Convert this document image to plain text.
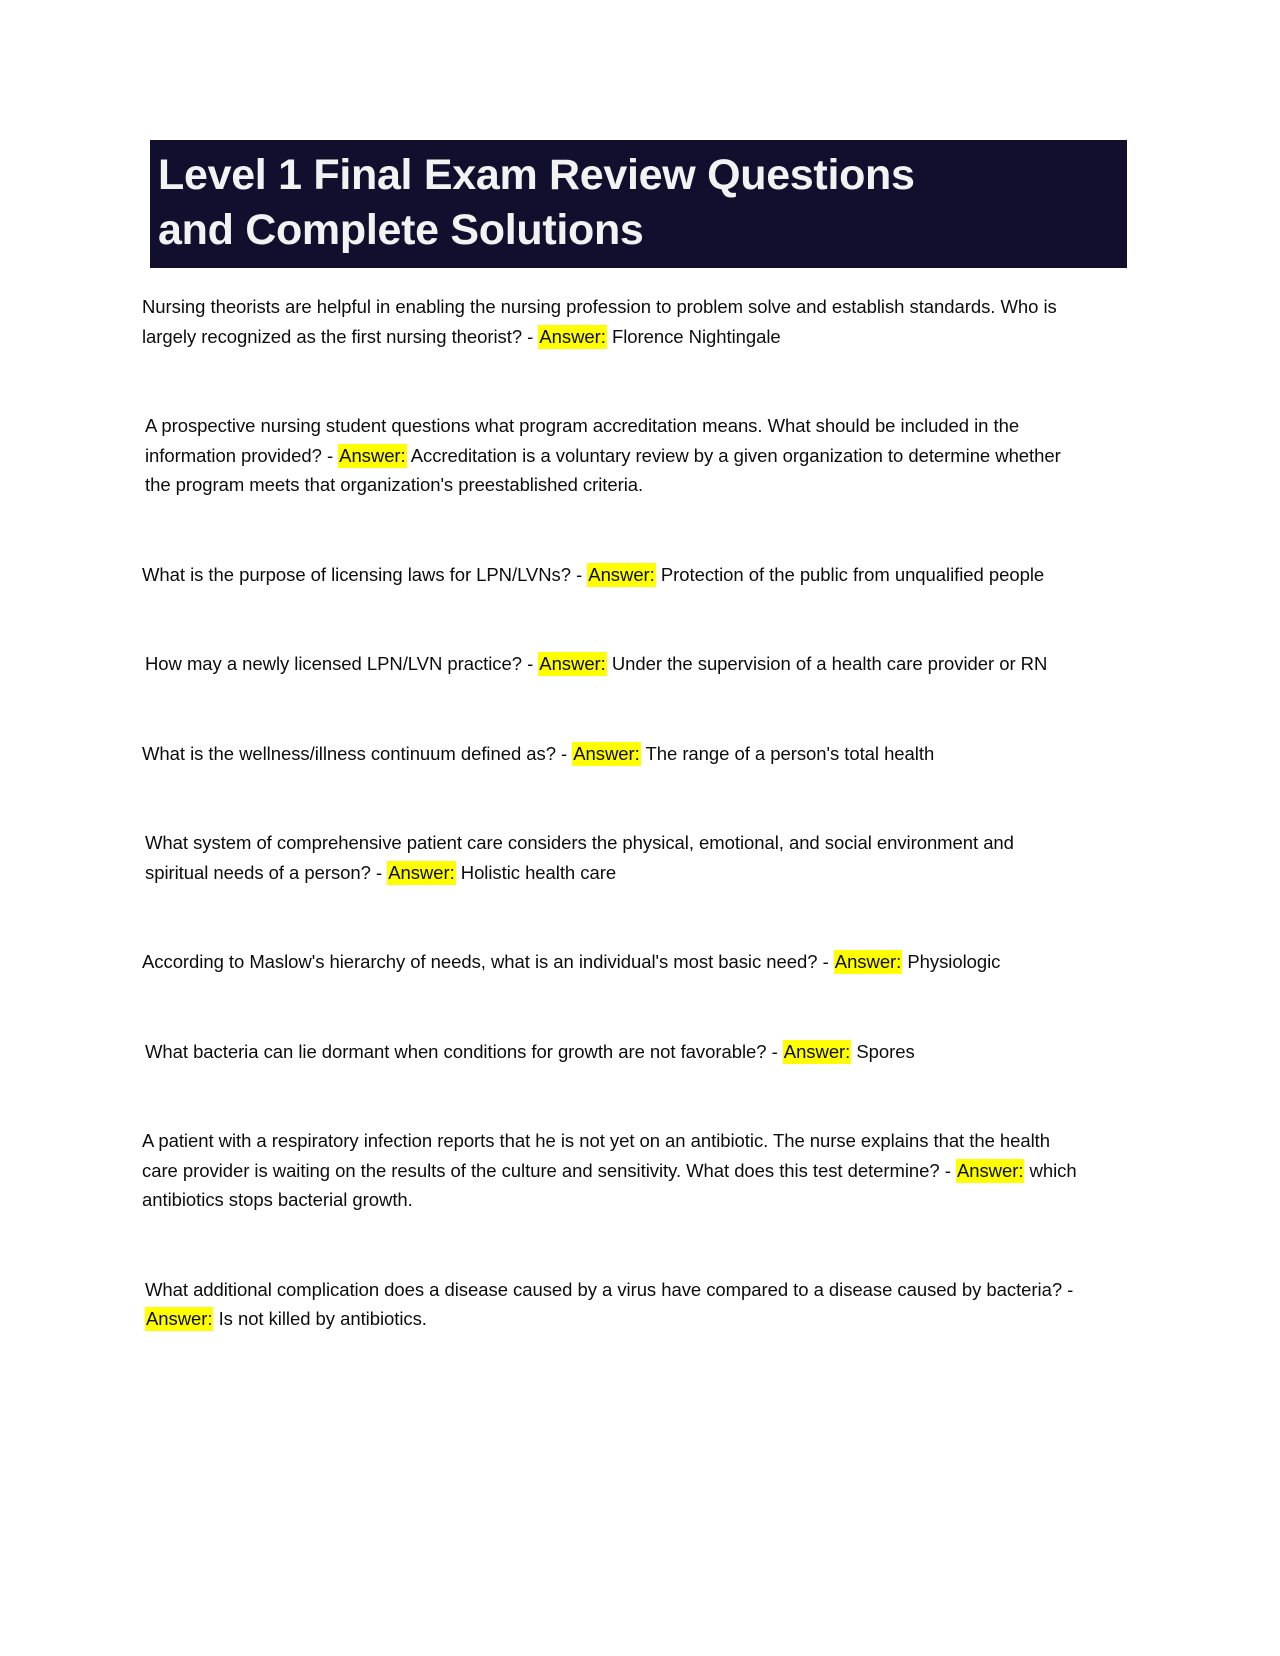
Level 1 Final Exam Review Questions
and Complete Solutions

Nursing theorists are helpful in enabling the nursing profession to problem solve and establish standards. Who is largely recognized as the first nursing theorist? - Answer: Florence Nightingale

A prospective nursing student questions what program accreditation means. What should be included in the information provided? - Answer: Accreditation is a voluntary review by a given organization to determine whether the program meets that organization's preestablished criteria.

What is the purpose of licensing laws for LPN/LVNs? - Answer: Protection of the public from unqualified people

How may a newly licensed LPN/LVN practice? - Answer: Under the supervision of a health care provider or RN

What is the wellness/illness continuum defined as? - Answer: The range of a person's total health

What system of comprehensive patient care considers the physical, emotional, and social environment and spiritual needs of a person? - Answer: Holistic health care

According to Maslow's hierarchy of needs, what is an individual's most basic need? - Answer: Physiologic

What bacteria can lie dormant when conditions for growth are not favorable? - Answer: Spores

A patient with a respiratory infection reports that he is not yet on an antibiotic. The nurse explains that the health care provider is waiting on the results of the culture and sensitivity. What does this test determine? - Answer: which antibiotics stops bacterial growth.

What additional complication does a disease caused by a virus have compared to a disease caused by bacteria? - Answer: Is not killed by antibiotics.
